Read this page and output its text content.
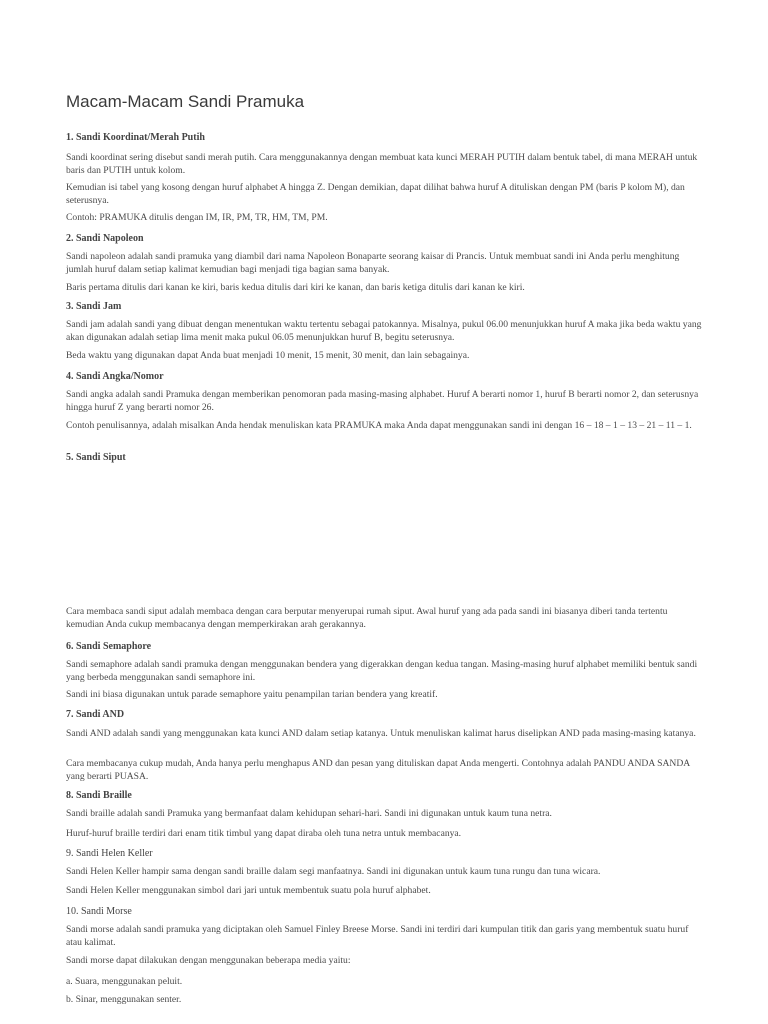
Macam-Macam Sandi Pramuka
1. Sandi Koordinat/Merah Putih
Sandi koordinat sering disebut sandi merah putih. Cara menggunakannya dengan membuat kata kunci MERAH PUTIH dalam bentuk tabel, di mana MERAH untuk baris dan PUTIH untuk kolom.
Kemudian isi tabel yang kosong dengan huruf alphabet A hingga Z. Dengan demikian, dapat dilihat bahwa huruf A dituliskan dengan PM (baris P kolom M), dan seterusnya.
Contoh: PRAMUKA ditulis dengan IM, IR, PM, TR, HM, TM, PM.
2. Sandi Napoleon
Sandi napoleon adalah sandi pramuka yang diambil dari nama Napoleon Bonaparte seorang kaisar di Prancis. Untuk membuat sandi ini Anda perlu menghitung jumlah huruf dalam setiap kalimat kemudian bagi menjadi tiga bagian sama banyak.
Baris pertama ditulis dari kanan ke kiri, baris kedua ditulis dari kiri ke kanan, dan baris ketiga ditulis dari kanan ke kiri.
3. Sandi Jam
Sandi jam adalah sandi yang dibuat dengan menentukan waktu tertentu sebagai patokannya. Misalnya, pukul 06.00 menunjukkan huruf A maka jika beda waktu yang akan digunakan adalah setiap lima menit maka pukul 06.05 menunjukkan huruf B, begitu seterusnya.
Beda waktu yang digunakan dapat Anda buat menjadi 10 menit, 15 menit, 30 menit, dan lain sebagainya.
4. Sandi Angka/Nomor
Sandi angka adalah sandi Pramuka dengan memberikan penomoran pada masing-masing alphabet. Huruf A berarti nomor 1, huruf B berarti nomor 2, dan seterusnya hingga huruf Z yang berarti nomor 26.
Contoh penulisannya, adalah misalkan Anda hendak menuliskan kata PRAMUKA maka Anda dapat menggunakan sandi ini dengan 16 – 18 – 1 – 13 – 21 – 11 – 1.
5. Sandi Siput
Cara membaca sandi siput adalah membaca dengan cara berputar menyerupai rumah siput. Awal huruf yang ada pada sandi ini biasanya diberi tanda tertentu kemudian Anda cukup membacanya dengan memperkirakan arah gerakannya.
6. Sandi Semaphore
Sandi semaphore adalah sandi pramuka dengan menggunakan bendera yang digerakkan dengan kedua tangan. Masing-masing huruf alphabet memiliki bentuk sandi yang berbeda menggunakan sandi semaphore ini.
Sandi ini biasa digunakan untuk parade semaphore yaitu penampilan tarian bendera yang kreatif.
7. Sandi AND
Sandi AND adalah sandi yang menggunakan kata kunci AND dalam setiap katanya. Untuk menuliskan kalimat harus diselipkan AND pada masing-masing katanya.
Cara membacanya cukup mudah, Anda hanya perlu menghapus AND dan pesan yang dituliskan dapat Anda mengerti. Contohnya adalah PANDU ANDA SANDA yang berarti PUASA.
8. Sandi Braille
Sandi braille adalah sandi Pramuka yang bermanfaat dalam kehidupan sehari-hari. Sandi ini digunakan untuk kaum tuna netra.
Huruf-huruf braille terdiri dari enam titik timbul yang dapat diraba oleh tuna netra untuk membacanya.
9. Sandi Helen Keller
Sandi Helen Keller hampir sama dengan sandi braille dalam segi manfaatnya. Sandi ini digunakan untuk kaum tuna rungu dan tuna wicara.
Sandi Helen Keller menggunakan simbol dari jari untuk membentuk suatu pola huruf alphabet.
10. Sandi Morse
Sandi morse adalah sandi pramuka yang diciptakan oleh Samuel Finley Breese Morse. Sandi ini terdiri dari kumpulan titik dan garis yang membentuk suatu huruf atau kalimat.
Sandi morse dapat dilakukan dengan menggunakan beberapa media yaitu:
a. Suara, menggunakan peluit.
b. Sinar, menggunakan senter.
